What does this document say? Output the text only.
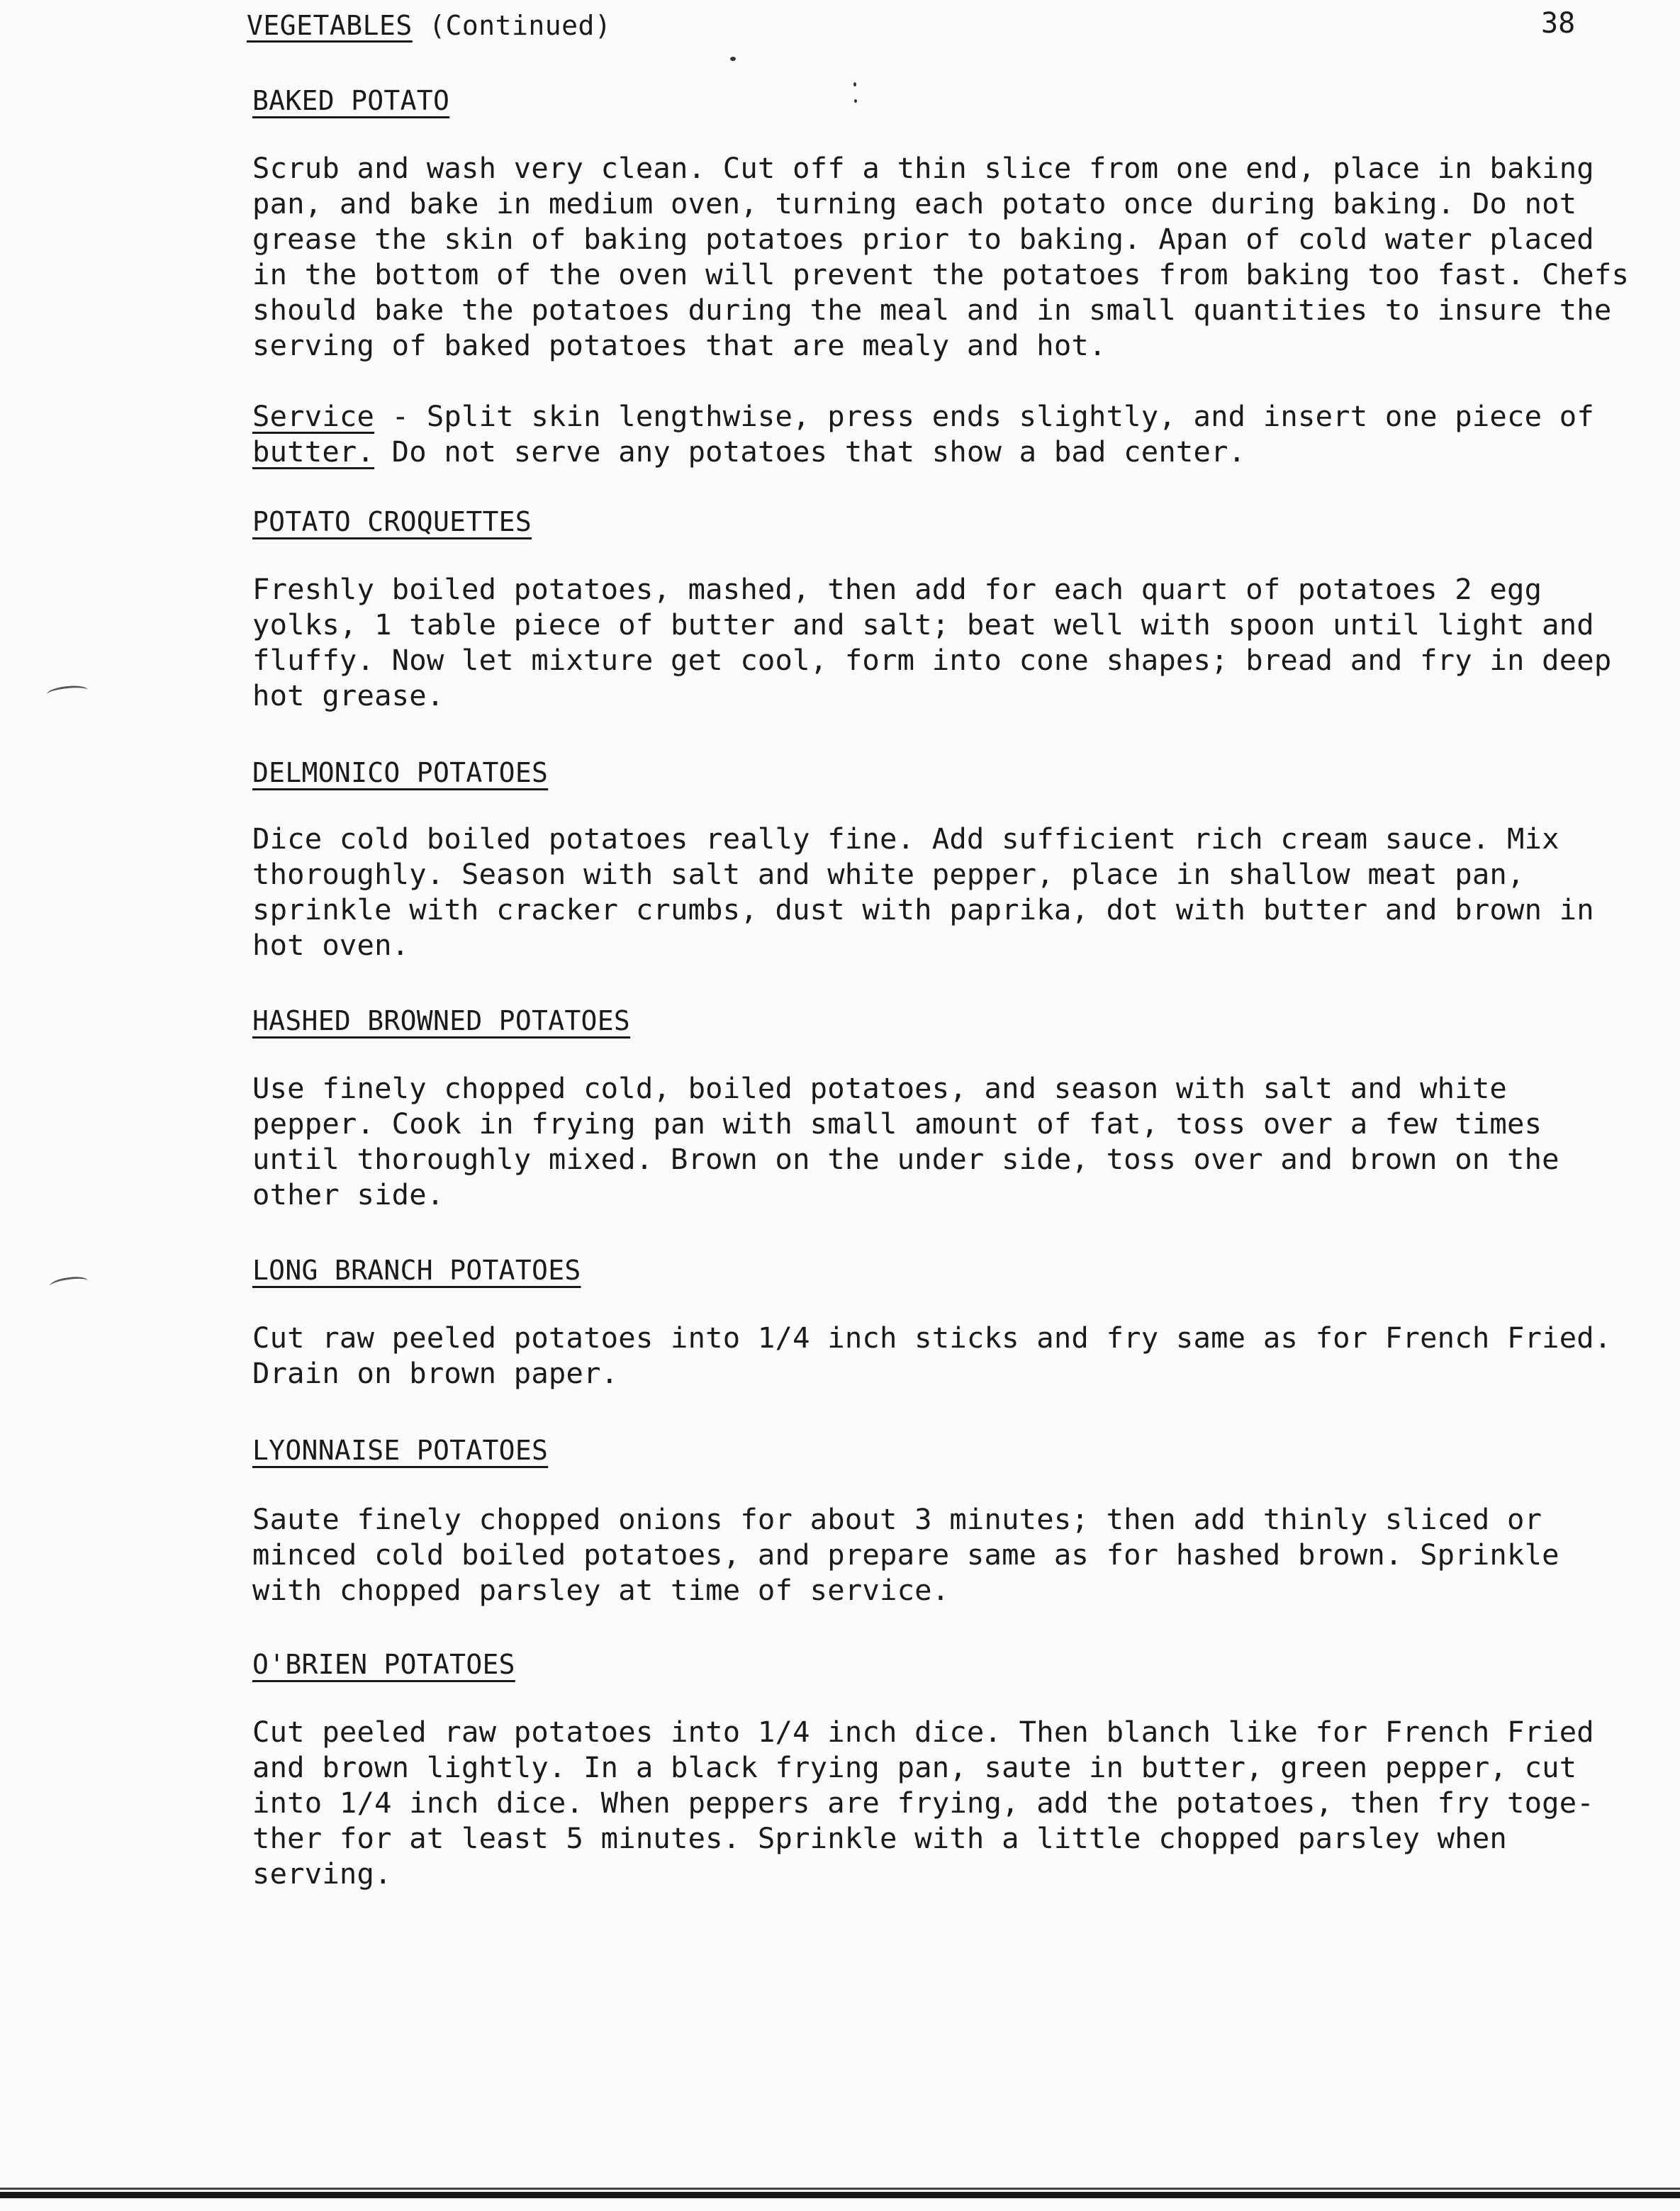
VEGETABLES (Continued)	38
BAKED POTATO

Scrub and wash very clean. Cut off a thin slice from one end, place in baking
pan, and bake in medium oven, turning each potato once during baking. Do not
grease the skin of baking potatoes prior to baking. Apan of cold water placed
in the bottom of the oven will prevent the potatoes from baking too fast. Chefs
should bake the potatoes during the meal and in small quantities to insure the
serving of baked potatoes that are mealy and hot.

Service - Split skin lengthwise, press ends slightly, and insert one piece of
butter. Do not serve any potatoes that show a bad center.

POTATO CROQUETTES

Freshly boiled potatoes, mashed, then add for each quart of potatoes 2 egg
yolks, 1 table piece of butter and salt; beat well with spoon until light and
fluffy. Now let mixture get cool, form into cone shapes; bread and fry in deep
hot grease.

DELMONICO POTATOES

Dice cold boiled potatoes really fine. Add sufficient rich cream sauce. Mix
thoroughly. Season with salt and white pepper, place in shallow meat pan,
sprinkle with cracker crumbs, dust with paprika, dot with butter and brown in
hot oven.

HASHED BROWNED POTATOES

Use finely chopped cold, boiled potatoes, and season with salt and white
pepper. Cook in frying pan with small amount of fat, toss over a few times
until thoroughly mixed. Brown on the under side, toss over and brown on the
other side.

LONG BRANCH POTATOES

Cut raw peeled potatoes into 1/4 inch sticks and fry same as for French Fried.
Drain on brown paper.

LYONNAISE POTATOES

Saute finely chopped onions for about 3 minutes; then add thinly sliced or
minced cold boiled potatoes, and prepare same as for hashed brown. Sprinkle
with chopped parsley at time of service.

O'BRIEN POTATOES

Cut peeled raw potatoes into 1/4 inch dice. Then blanch like for French Fried
and brown lightly. In a black frying pan, saute in butter, green pepper, cut
into 1/4 inch dice. When peppers are frying, add the potatoes, then fry toge-
ther for at least 5 minutes. Sprinkle with a little chopped parsley when
serving.
